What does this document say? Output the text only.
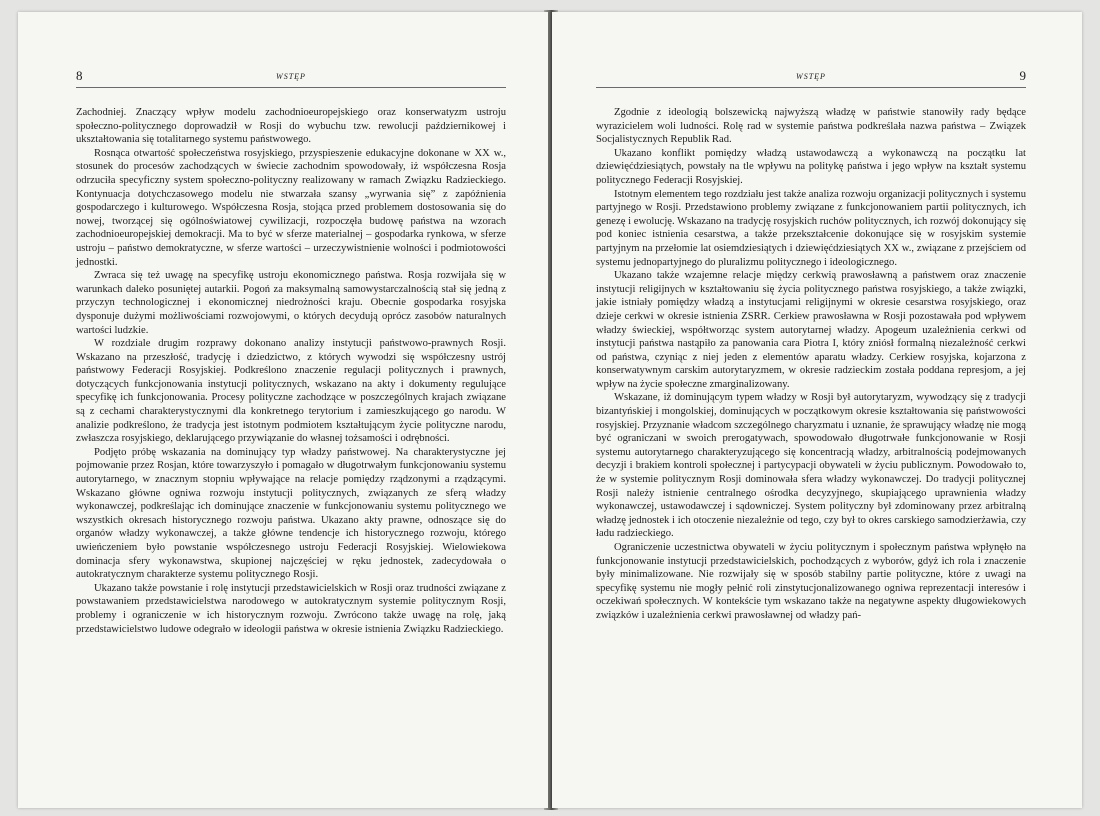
8	WSTĘP

Zachodniej. Znaczący wpływ modelu zachodnioeuropejskiego oraz konserwatyzm ustroju społeczno-politycznego doprowadził w Rosji do wybuchu tzw. rewolucji październikowej i ukształtowania się totalitarnego systemu państwowego.

Rosnąca otwartość społeczeństwa rosyjskiego, przyspieszenie edukacyjne dokonane w XX w., stosunek do procesów zachodzących w świecie zachodnim spowodowały, iż współczesna Rosja odrzuciła specyficzny system społeczno-polityczny realizowany w ramach Związku Radzieckiego. Kontynuacja dotychczasowego modelu nie stwarzała szansy „wyrwania się” z zapóźnienia gospodarczego i kulturowego. Współczesna Rosja, stojąca przed problemem dostosowania się do nowej, tworzącej się ogólnoświatowej cywilizacji, rozpoczęła budowę państwa na wzorach zachodnioeuropejskiej demokracji. Ma to być w sferze materialnej – gospodarka rynkowa, w sferze ustroju – państwo demokratyczne, w sferze wartości – urzeczywistnienie wolności i podmiotowości jednostki.

Zwraca się też uwagę na specyfikę ustroju ekonomicznego państwa. Rosja rozwijała się w warunkach daleko posuniętej autarkii. Pogoń za maksymalną samowystarczalnością stał się jedną z przyczyn technologicznej i ekonomicznej niedrożności kraju. Obecnie gospodarka rosyjska dysponuje dużymi możliwościami rozwojowymi, o których decydują oprócz zasobów naturalnych wartości ludzkie.

W rozdziale drugim rozprawy dokonano analizy instytucji państwowo-prawnych Rosji. Wskazano na przeszłość, tradycję i dziedzictwo, z których wywodzi się współczesny ustrój państwowy Federacji Rosyjskiej. Podkreślono znaczenie regulacji politycznych i prawnych, dotyczących funkcjonowania instytucji politycznych, wskazano na akty i dokumenty regulujące specyfikę ich funkcjonowania. Procesy polityczne zachodzące w poszczególnych krajach związane są z cechami charakterystycznymi dla konkretnego terytorium i zamieszkującego go narodu. W analizie podkreślono, że tradycja jest istotnym podmiotem kształtującym życie polityczne narodu, zwłaszcza rosyjskiego, deklarującego przywiązanie do własnej tożsamości i odrębności.

Podjęto próbę wskazania na dominujący typ władzy państwowej. Na charakterystyczne jej pojmowanie przez Rosjan, które towarzyszyło i pomagało w długotrwałym funkcjonowaniu systemu autorytarnego, w znacznym stopniu wpływające na relacje pomiędzy rządzonymi a rządzącymi. Wskazano główne ogniwa rozwoju instytucji politycznych, związanych ze sferą władzy wykonawczej, podkreślając ich dominujące znaczenie w funkcjonowaniu systemu politycznego we wszystkich okresach historycznego rozwoju państwa. Ukazano akty prawne, odnoszące się do organów władzy wykonawczej, a także główne tendencje ich historycznego rozwoju, którego uwieńczeniem było powstanie współczesnego ustroju Federacji Rosyjskiej. Wielowiekowa dominacja sfery wykonawstwa, skupionej najczęściej w ręku jednostek, zadecydowała o autokratycznym charakterze systemu politycznego Rosji.

Ukazano także powstanie i rolę instytucji przedstawicielskich w Rosji oraz trudności związane z powstawaniem przedstawicielstwa narodowego w autokratycznym systemie politycznym Rosji, problemy i ograniczenie w ich historycznym rozwoju. Zwrócono także uwagę na rolę, jaką przedstawicielstwo ludowe odegrało w ideologii państwa w okresie istnienia Związku Radzieckiego.

WSTĘP	9

Zgodnie z ideologią bolszewicką najwyższą władzę w państwie stanowiły rady będące wyrazicielem woli ludności. Rolę rad w systemie państwa podkreślała nazwa państwa – Związek Socjalistycznych Republik Rad.

Ukazano konflikt pomiędzy władzą ustawodawczą a wykonawczą na początku lat dziewięćdziesiątych, powstały na tle wpływu na politykę państwa i jego wpływ na kształt systemu politycznego Federacji Rosyjskiej.

Istotnym elementem tego rozdziału jest także analiza rozwoju organizacji politycznych i systemu partyjnego w Rosji. Przedstawiono problemy związane z funkcjonowaniem partii politycznych, ich genezę i ewolucję. Wskazano na tradycję rosyjskich ruchów politycznych, ich rozwój dokonujący się pod koniec istnienia cesarstwa, a także przekształcenie dokonujące się w rosyjskim systemie partyjnym na przełomie lat osiemdziesiątych i dziewięćdziesiątych XX w., związane z przejściem od systemu jednopartyjnego do pluralizmu politycznego i ideologicznego.

Ukazano także wzajemne relacje między cerkwią prawosławną a państwem oraz znaczenie instytucji religijnych w kształtowaniu się życia politycznego państwa rosyjskiego, a także związki, jakie istniały pomiędzy władzą a instytucjami religijnymi w okresie cesarstwa rosyjskiego, oraz dzieje cerkwi w okresie istnienia ZSRR. Cerkiew prawosławna w Rosji pozostawała pod wpływem władzy świeckiej, współtworząc system autorytarnej władzy. Apogeum uzależnienia cerkwi od instytucji państwa nastąpiło za panowania cara Piotra I, który zniósł formalną niezależność cerkwi od państwa, czyniąc z niej jeden z elementów aparatu władzy. Cerkiew rosyjska, kojarzona z konserwatywnym carskim autorytaryzmem, w okresie radzieckim została poddana represjom, a jej wpływ na życie społeczne zmarginalizowany.

Wskazane, iż dominującym typem władzy w Rosji był autorytaryzm, wywodzący się z tradycji bizantyńskiej i mongolskiej, dominujących w początkowym okresie kształtowania się państwowości rosyjskiej. Przyznanie władcom szczególnego charyzmatu i uznanie, że sprawujący władzę nie mogą być ograniczani w swoich prerogatywach, spowodowało długotrwałe funkcjonowanie w Rosji systemu autorytarnego charakteryzującego się koncentracją władzy, arbitralnością podejmowanych decyzji i brakiem kontroli społecznej i partycypacji obywateli w życiu publicznym. Powodowało to, że w systemie politycznym Rosji dominowała sfera władzy wykonawczej. Do tradycji politycznej Rosji należy istnienie centralnego ośrodka decyzyjnego, skupiającego uprawnienia władzy wykonawczej, ustawodawczej i sądowniczej. System polityczny był zdominowany przez arbitralną władzę jednostek i ich otoczenie niezależnie od tego, czy był to okres carskiego samodzierżawia, czy ładu radzieckiego.

Ograniczenie uczestnictwa obywateli w życiu politycznym i społecznym państwa wpłynęło na funkcjonowanie instytucji przedstawicielskich, pochodzących z wyborów, gdyż ich rola i znaczenie były minimalizowane. Nie rozwijały się w sposób stabilny partie polityczne, które z uwagi na specyfikę systemu nie mogły pełnić roli zinstytucjonalizowanego ogniwa reprezentacji interesów i oczekiwań społecznych. W kontekście tym wskazano także na negatywne aspekty długowiekowych związków i uzależnienia cerkwi prawosławnej od władzy pań-
